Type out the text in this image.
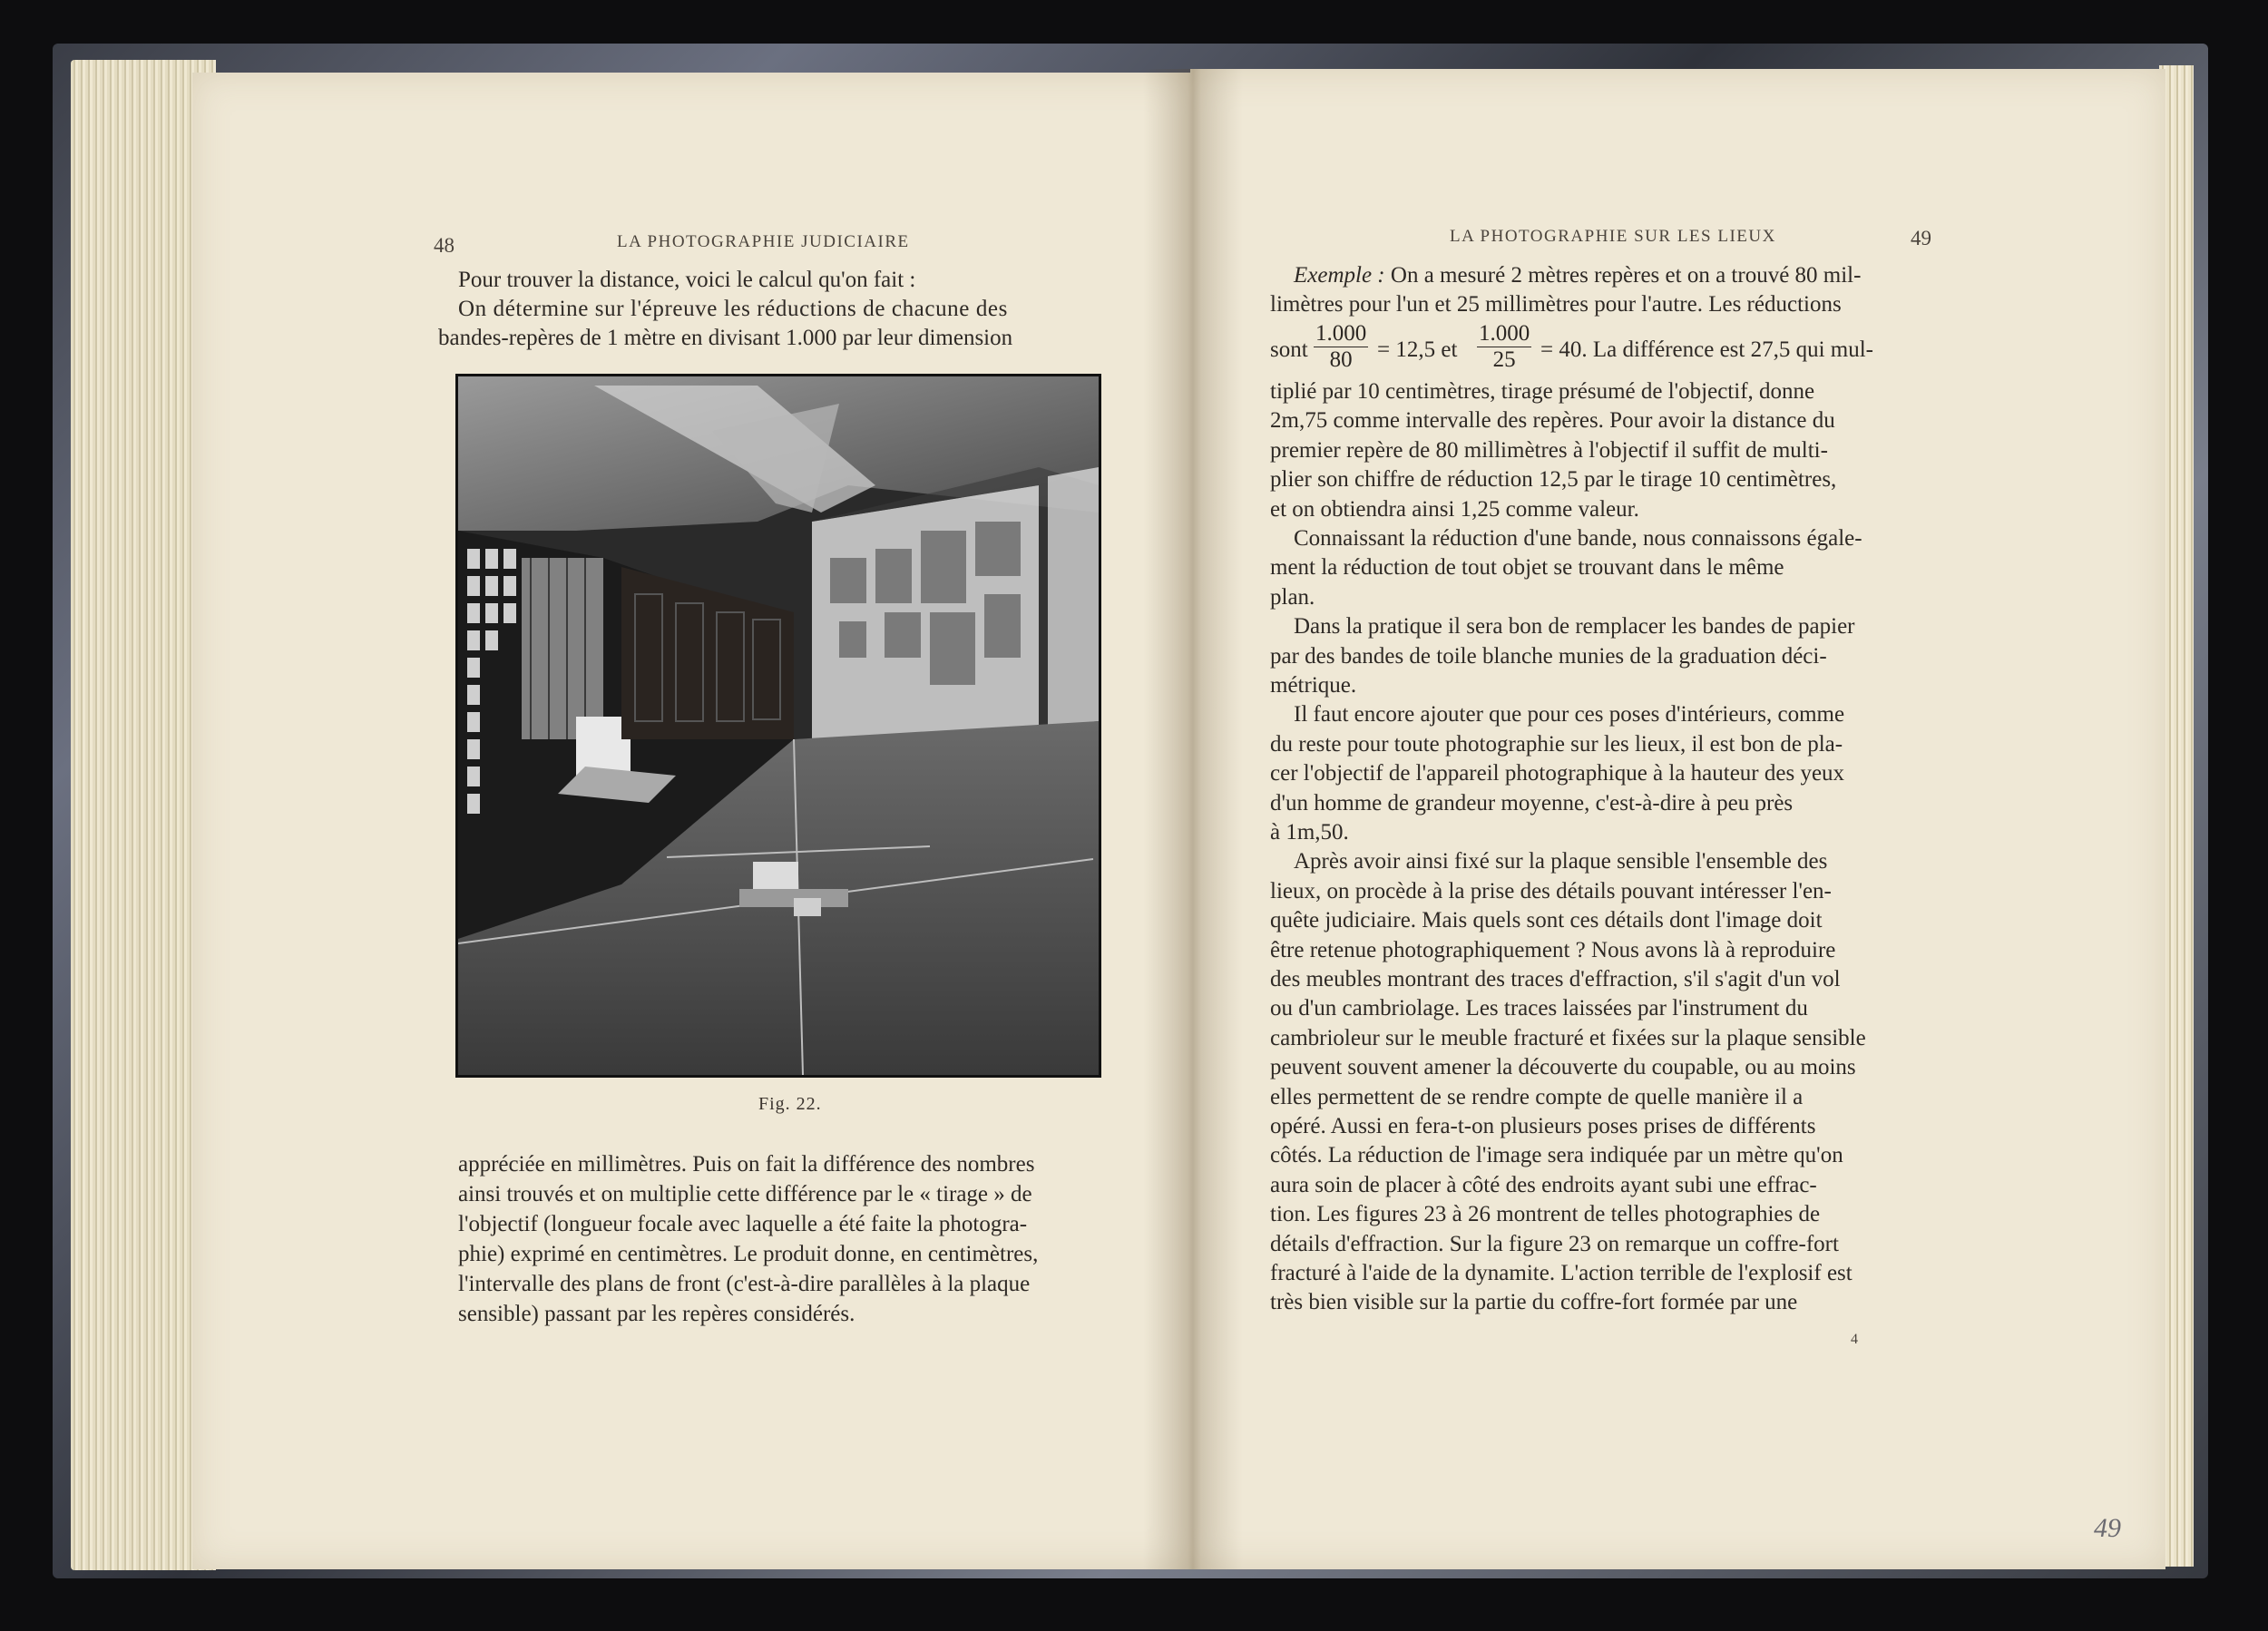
48	LA PHOTOGRAPHIE JUDICIAIRE
Pour trouver la distance, voici le calcul qu'on fait :
On détermine sur l'épreuve les réductions de chacune des
bandes-repères de 1 mètre en divisant 1.000 par leur dimension
Fig. 22.
appréciée en millimètres. Puis on fait la différence des nombres
ainsi trouvés et on multiplie cette différence par le « tirage » de
l'objectif (longueur focale avec laquelle a été faite la photogra-
phie) exprimé en centimètres. Le produit donne, en centimètres,
l'intervalle des plans de front (c'est-à-dire parallèles à la plaque
sensible) passant par les repères considérés.
LA PHOTOGRAPHIE SUR LES LIEUX	49
Exemple : On a mesuré 2 mètres repères et on a trouvé 80 mil-
limètres pour l'un et 25 millimètres pour l'autre. Les réductions
sont $\frac{1.000}{80} = 12,5$ et $\frac{1.000}{25} = 40$. La différence est 27,5 qui mul-
tiplié par 10 centimètres, tirage présumé de l'objectif, donne
2m,75 comme intervalle des repères. Pour avoir la distance du
premier repère de 80 millimètres à l'objectif il suffit de multi-
plier son chiffre de réduction 12,5 par le tirage 10 centimètres,
et on obtiendra ainsi 1,25 comme valeur.
Connaissant la réduction d'une bande, nous connaissons égale-
ment la réduction de tout objet se trouvant dans le même
plan.
Dans la pratique il sera bon de remplacer les bandes de papier
par des bandes de toile blanche munies de la graduation déci-
métrique.
Il faut encore ajouter que pour ces poses d'intérieurs, comme
du reste pour toute photographie sur les lieux, il est bon de pla-
cer l'objectif de l'appareil photographique à la hauteur des yeux
d'un homme de grandeur moyenne, c'est-à-dire à peu près
à 1m,50.
Après avoir ainsi fixé sur la plaque sensible l'ensemble des
lieux, on procède à la prise des détails pouvant intéresser l'en-
quête judiciaire. Mais quels sont ces détails dont l'image doit
être retenue photographiquement ? Nous avons là à reproduire
des meubles montrant des traces d'effraction, s'il s'agit d'un vol
ou d'un cambriolage. Les traces laissées par l'instrument du
cambrioleur sur le meuble fracturé et fixées sur la plaque sensible
peuvent souvent amener la découverte du coupable, ou au moins
elles permettent de se rendre compte de quelle manière il a
opéré. Aussi en fera-t-on plusieurs poses prises de différents
côtés. La réduction de l'image sera indiquée par un mètre qu'on
aura soin de placer à côté des endroits ayant subi une effrac-
tion. Les figures 23 à 26 montrent de telles photographies de
détails d'effraction. Sur la figure 23 on remarque un coffre-fort
fracturé à l'aide de la dynamite. L'action terrible de l'explosif est
très bien visible sur la partie du coffre-fort formée par une
4
49
